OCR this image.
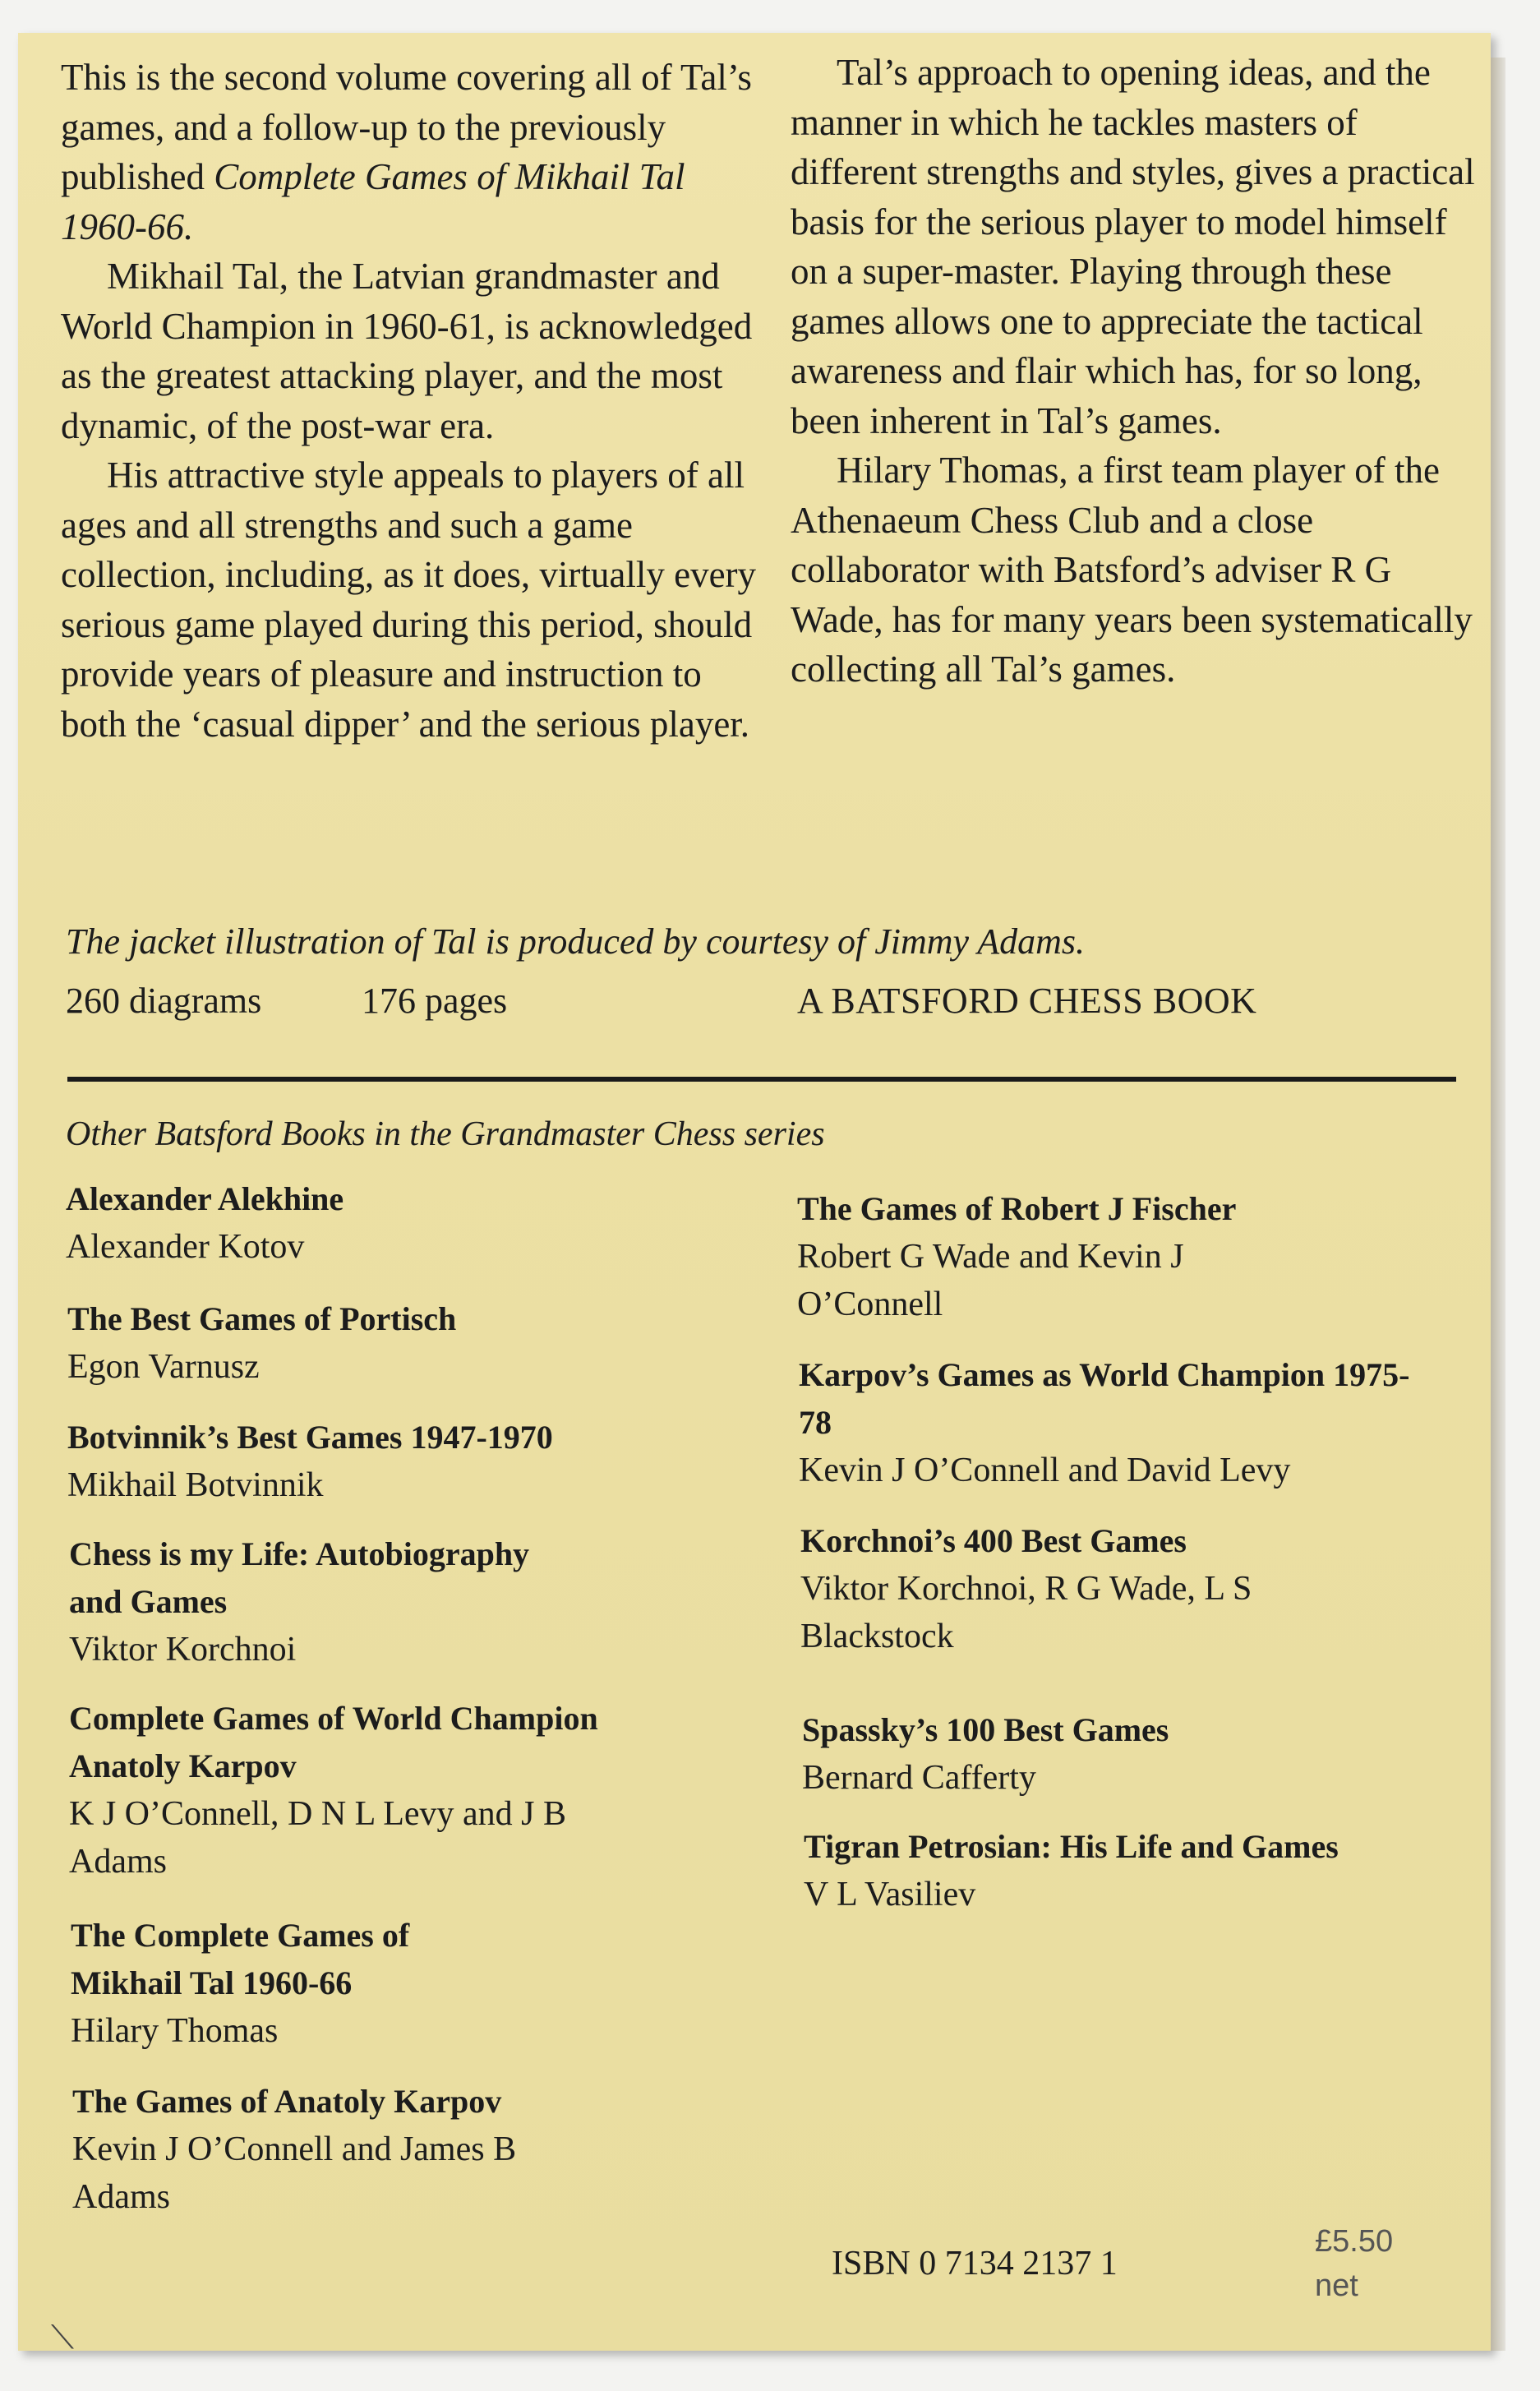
This is the second volume covering all of Tal’s games, and a follow-up to the previously published Complete Games of Mikhail Tal 1960-66.

Mikhail Tal, the Latvian grandmaster and World Champion in 1960-61, is acknowledged as the greatest attacking player, and the most dynamic, of the post-war era.

His attractive style appeals to players of all ages and all strengths and such a game collection, including, as it does, virtually every serious game played during this period, should provide years of pleasure and instruction to both the ‘casual dipper’ and the serious player.

Tal’s approach to opening ideas, and the manner in which he tackles masters of different strengths and styles, gives a practical basis for the serious player to model himself on a super-master. Playing through these games allows one to appreciate the tactical awareness and flair which has, for so long, been inherent in Tal’s games.

Hilary Thomas, a first team player of the Athenaeum Chess Club and a close collaborator with Batsford’s adviser R G Wade, has for many years been systematically collecting all Tal’s games.

The jacket illustration of Tal is produced by courtesy of Jimmy Adams.
260 diagrams	176 pages	A BATSFORD CHESS BOOK
Other Batsford Books in the Grandmaster Chess series
Alexander Alekhine
Alexander Kotov
The Best Games of Portisch
Egon Varnusz
Botvinnik’s Best Games 1947-1970
Mikhail Botvinnik
Chess is my Life: Autobiography and Games
Viktor Korchnoi
Complete Games of World Champion Anatoly Karpov
K J O’Connell, D N L Levy and J B Adams
The Complete Games of Mikhail Tal 1960-66
Hilary Thomas
The Games of Anatoly Karpov
Kevin J O’Connell and James B Adams
The Games of Robert J Fischer
Robert G Wade and Kevin J O’Connell
Karpov’s Games as World Champion 1975-78
Kevin J O’Connell and David Levy
Korchnoi’s 400 Best Games
Viktor Korchnoi, R G Wade, L S Blackstock
Spassky’s 100 Best Games
Bernard Cafferty
Tigran Petrosian: His Life and Games
V L Vasiliev
ISBN 0 7134 2137 1
£5.50
net
⟍
